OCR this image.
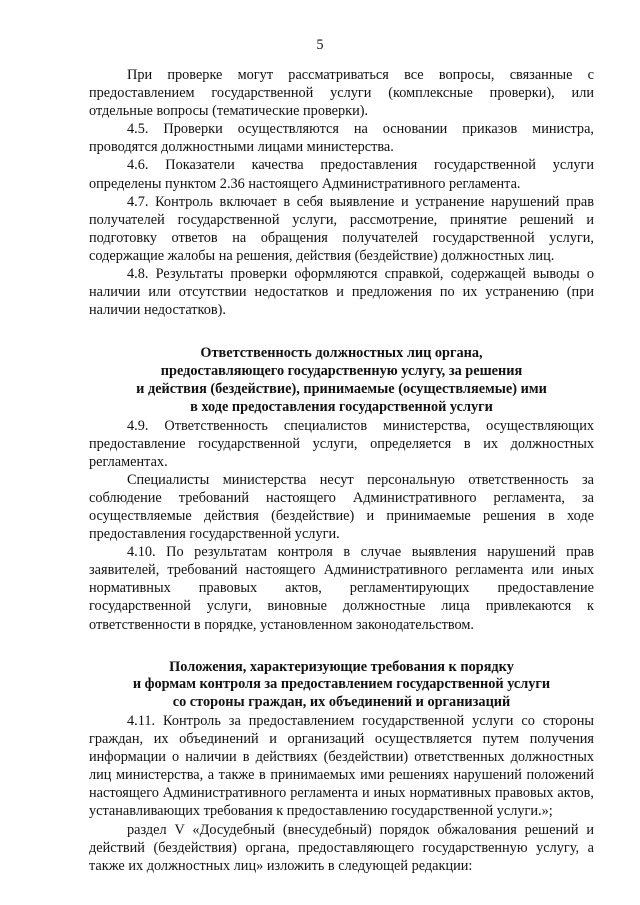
5

При проверке могут рассматриваться все вопросы, связанные с предоставлением государственной услуги (комплексные проверки), или отдельные вопросы (тематические проверки).

4.5. Проверки осуществляются на основании приказов министра, проводятся должностными лицами министерства.

4.6. Показатели качества предоставления государственной услуги определены пунктом 2.36 настоящего Административного регламента.

4.7. Контроль включает в себя выявление и устранение нарушений прав получателей государственной услуги, рассмотрение, принятие решений и подготовку ответов на обращения получателей государственной услуги, содержащие жалобы на решения, действия (бездействие) должностных лиц.

4.8. Результаты проверки оформляются справкой, содержащей выводы о наличии или отсутствии недостатков и предложения по их устранению (при наличии недостатков).

Ответственность должностных лиц органа,
предоставляющего государственную услугу, за решения
и действия (бездействие), принимаемые (осуществляемые) ими
в ходе предоставления государственной услуги

4.9. Ответственность специалистов министерства, осуществляющих предоставление государственной услуги, определяется в их должностных регламентах.

Специалисты министерства несут персональную ответственность за соблюдение требований настоящего Административного регламента, за осуществляемые действия (бездействие) и принимаемые решения в ходе предоставления государственной услуги.

4.10. По результатам контроля в случае выявления нарушений прав заявителей, требований настоящего Административного регламента или иных нормативных правовых актов, регламентирующих предоставление государственной услуги, виновные должностные лица привлекаются к ответственности в порядке, установленном законодательством.

Положения, характеризующие требования к порядку
и формам контроля за предоставлением государственной услуги
со стороны граждан, их объединений и организаций

4.11. Контроль за предоставлением государственной услуги со стороны граждан, их объединений и организаций осуществляется путем получения информации о наличии в действиях (бездействии) ответственных должностных лиц министерства, а также в принимаемых ими решениях нарушений положений настоящего Административного регламента и иных нормативных правовых актов, устанавливающих требования к предоставлению государственной услуги.»;

раздел V «Досудебный (внесудебный) порядок обжалования решений и действий (бездействия) органа, предоставляющего государственную услугу, а также их должностных лиц» изложить в следующей редакции:
